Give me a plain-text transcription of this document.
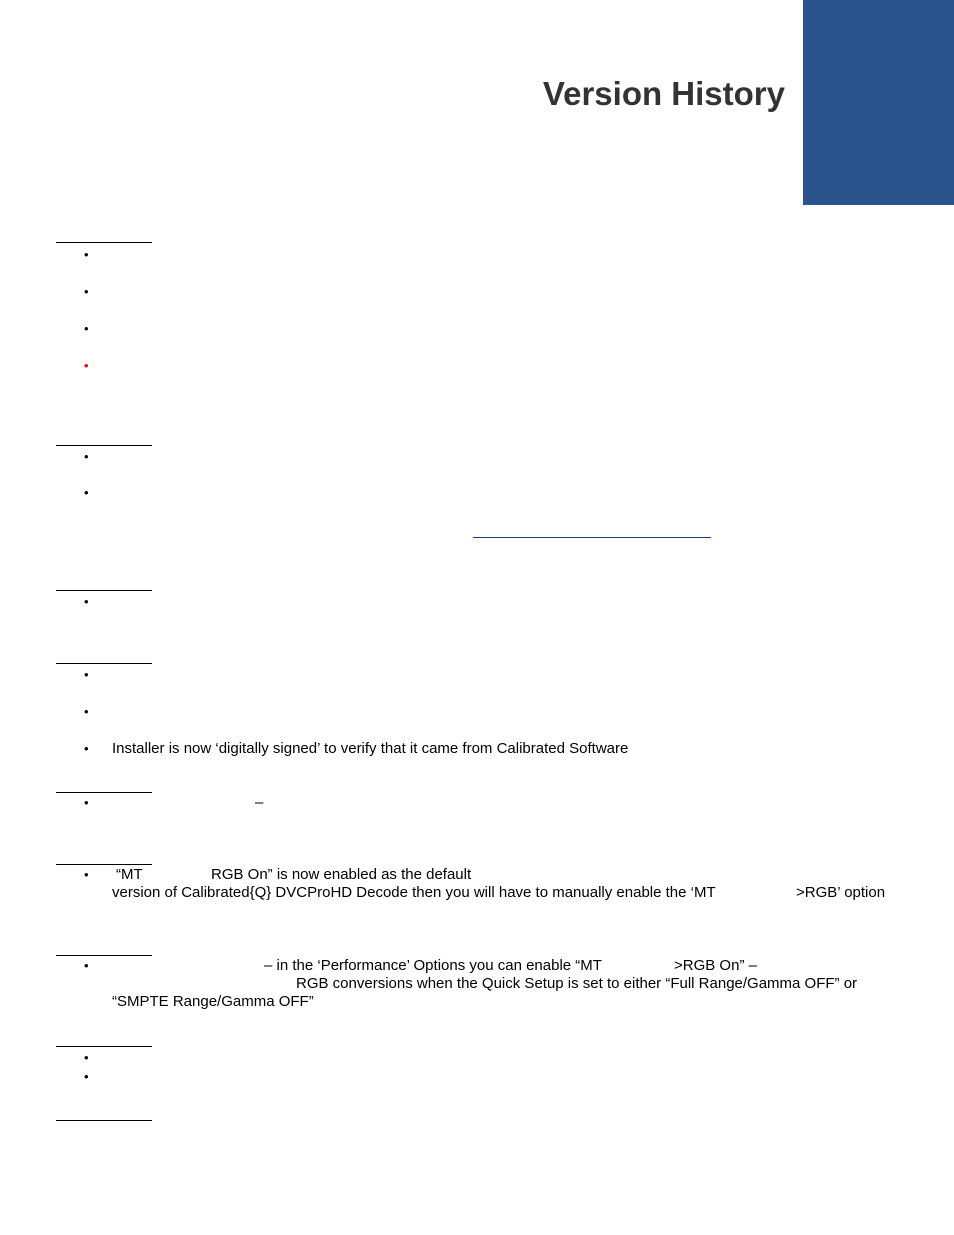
Version History
•
•
•
•
•
•
•
•
•
•	Installer is now ‘digitally signed’ to verify that it came from Calibrated Software
•	–
•	“MT	RGB On” is now enabled as the default
version of Calibrated{Q} DVCProHD Decode then you will have to manually enable the ‘MT	>RGB’ option
•	– in the ‘Performance’ Options you can enable “MT	>RGB On” –
RGB conversions when the Quick Setup is set to either “Full Range/Gamma OFF” or
“SMPTE Range/Gamma OFF”
•
•
